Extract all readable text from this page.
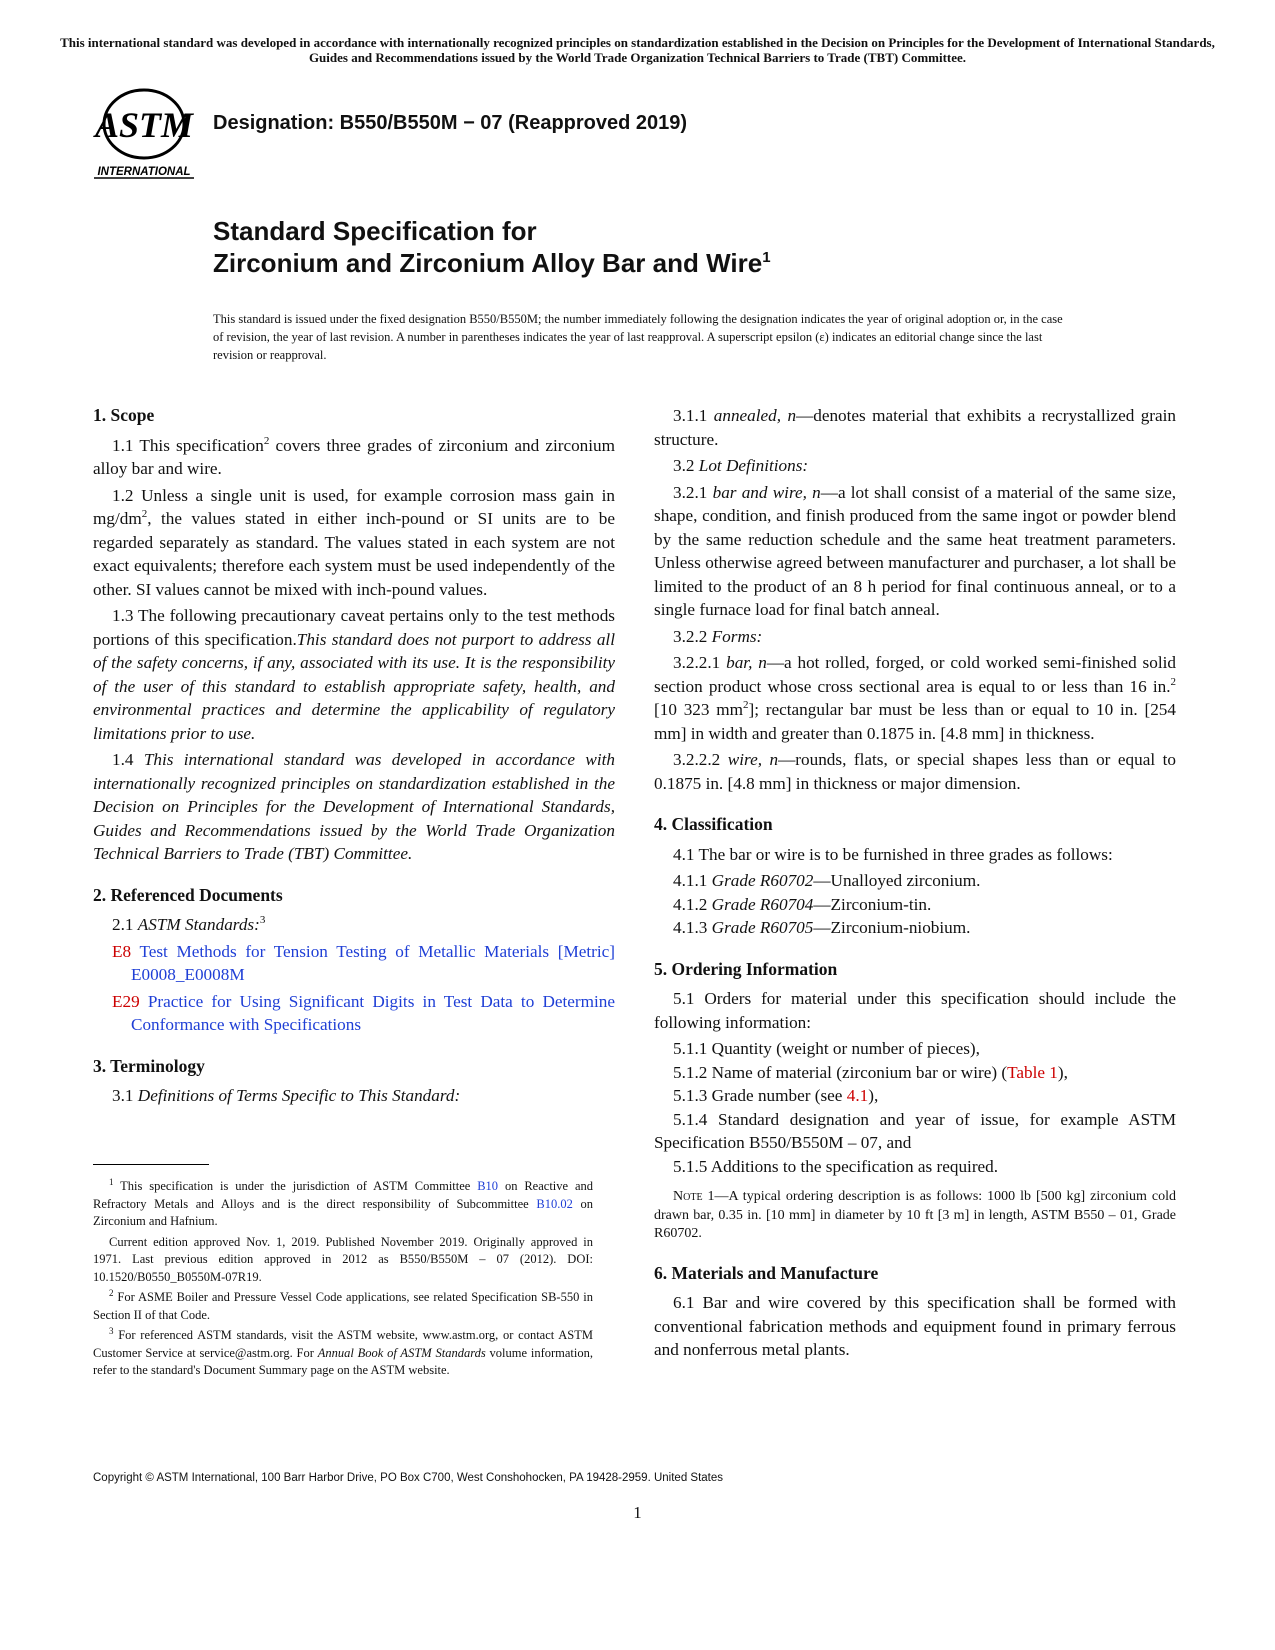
This international standard was developed in accordance with internationally recognized principles on standardization established in the Decision on Principles for the Development of International Standards, Guides and Recommendations issued by the World Trade Organization Technical Barriers to Trade (TBT) Committee.
ASTM
INTERNATIONAL
Designation: B550/B550M − 07 (Reapproved 2019)
Standard Specification for
Zirconium and Zirconium Alloy Bar and Wire$^1$
This standard is issued under the fixed designation B550/B550M; the number immediately following the designation indicates the year of original adoption or, in the case of revision, the year of last revision. A number in parentheses indicates the year of last reapproval. A superscript epsilon (ε) indicates an editorial change since the last revision or reapproval.
1. Scope

1.1 This specification$^2$ covers three grades of zirconium and zirconium alloy bar and wire.

1.2 Unless a single unit is used, for example corrosion mass gain in $mg/dm^2$, the values stated in either inch-pound or SI units are to be regarded separately as standard. The values stated in each system are not exact equivalents; therefore each system must be used independently of the other. SI values cannot be mixed with inch-pound values.

1.3 The following precautionary caveat pertains only to the test methods portions of this specification.This standard does not purport to address all of the safety concerns, if any, associated with its use. It is the responsibility of the user of this standard to establish appropriate safety, health, and environmental practices and determine the applicability of regulatory limitations prior to use.

1.4 This international standard was developed in accordance with internationally recognized principles on standardization established in the Decision on Principles for the Development of International Standards, Guides and Recommendations issued by the World Trade Organization Technical Barriers to Trade (TBT) Committee.

2. Referenced Documents

2.1 ASTM Standards:$^3$

E8 Test Methods for Tension Testing of Metallic Materials [Metric] E0008_E0008M

E29 Practice for Using Significant Digits in Test Data to Determine Conformance with Specifications

3. Terminology

3.1 Definitions of Terms Specific to This Standard:

3.1.1 annealed, n—denotes material that exhibits a recrystallized grain structure.

3.2 Lot Definitions:

3.2.1 bar and wire, n—a lot shall consist of a material of the same size, shape, condition, and finish produced from the same ingot or powder blend by the same reduction schedule and the same heat treatment parameters. Unless otherwise agreed between manufacturer and purchaser, a lot shall be limited to the product of an 8 h period for final continuous anneal, or to a single furnace load for final batch anneal.

3.2.2 Forms:

3.2.2.1 bar, n—a hot rolled, forged, or cold worked semi-finished solid section product whose cross sectional area is equal to or less than 16 in.$^2$ [10 323 $mm^2$]; rectangular bar must be less than or equal to 10 in. [254 mm] in width and greater than 0.1875 in. [4.8 mm] in thickness.

3.2.2.2 wire, n—rounds, flats, or special shapes less than or equal to 0.1875 in. [4.8 mm] in thickness or major dimension.

4. Classification

4.1 The bar or wire is to be furnished in three grades as follows:

4.1.1 Grade R60702—Unalloyed zirconium.

4.1.2 Grade R60704—Zirconium-tin.

4.1.3 Grade R60705—Zirconium-niobium.

5. Ordering Information

5.1 Orders for material under this specification should include the following information:

5.1.1 Quantity (weight or number of pieces),

5.1.2 Name of material (zirconium bar or wire) (Table 1),

5.1.3 Grade number (see 4.1),

5.1.4 Standard designation and year of issue, for example ASTM Specification B550/B550M – 07, and

5.1.5 Additions to the specification as required.

Note 1—A typical ordering description is as follows: 1000 lb [500 kg] zirconium cold drawn bar, 0.35 in. [10 mm] in diameter by 10 ft [3 m] in length, ASTM B550 – 01, Grade R60702.

6. Materials and Manufacture

6.1 Bar and wire covered by this specification shall be formed with conventional fabrication methods and equipment found in primary ferrous and nonferrous metal plants.

$^1$ This specification is under the jurisdiction of ASTM Committee B10 on Reactive and Refractory Metals and Alloys and is the direct responsibility of Subcommittee B10.02 on Zirconium and Hafnium.

Current edition approved Nov. 1, 2019. Published November 2019. Originally approved in 1971. Last previous edition approved in 2012 as B550/B550M – 07 (2012). DOI: 10.1520/B0550_B0550M-07R19.

$^2$ For ASME Boiler and Pressure Vessel Code applications, see related Specification SB-550 in Section II of that Code.

$^3$ For referenced ASTM standards, visit the ASTM website, www.astm.org, or contact ASTM Customer Service at service@astm.org. For Annual Book of ASTM Standards volume information, refer to the standard's Document Summary page on the ASTM website.

Copyright © ASTM International, 100 Barr Harbor Drive, PO Box C700, West Conshohocken, PA 19428-2959. United States
1
